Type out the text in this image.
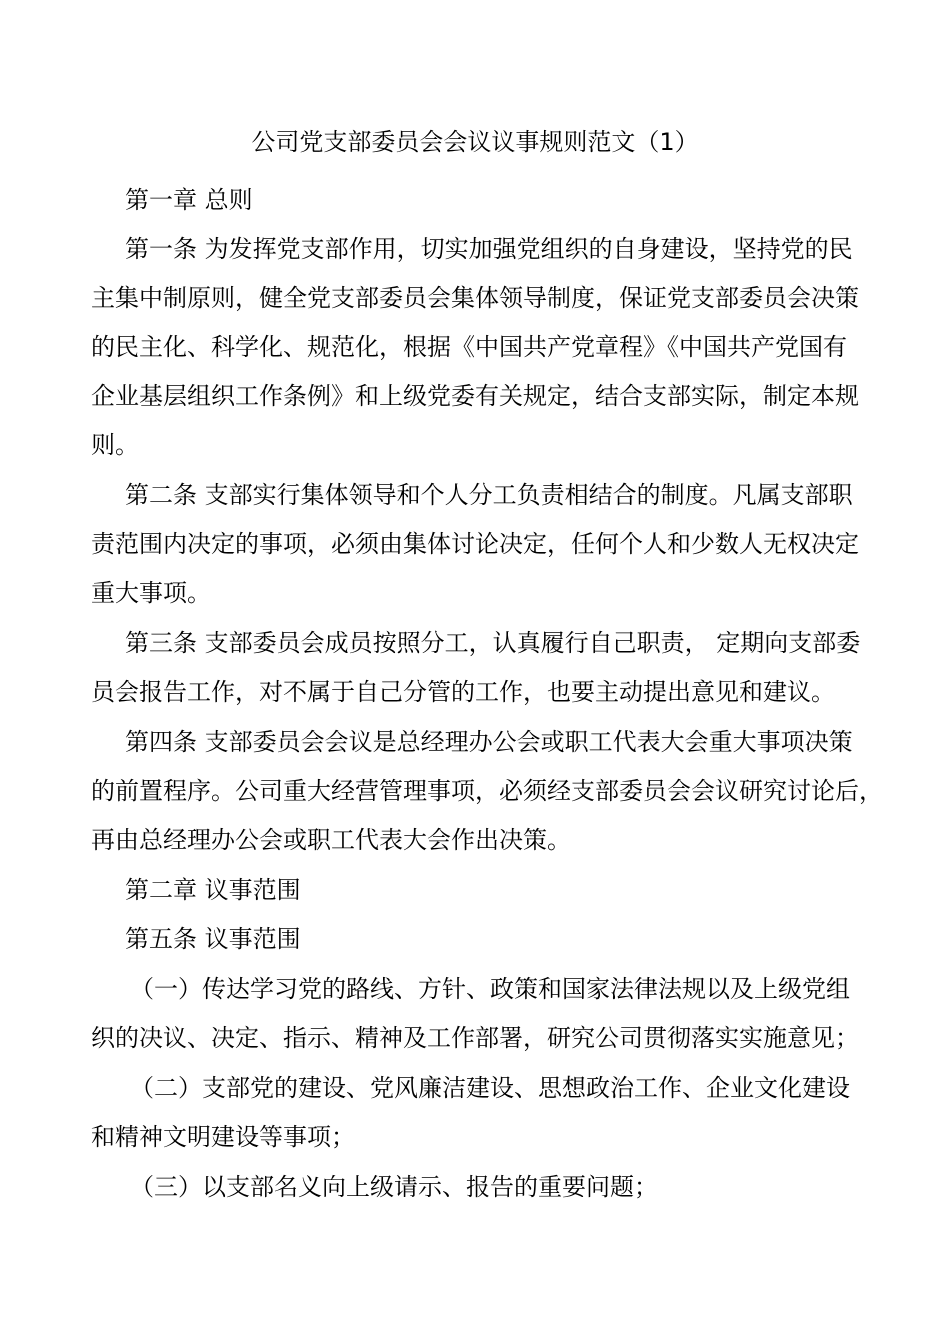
公司党支部委员会会议议事规则范文（1）
第一章 总则
第一条 为发挥党支部作用，切实加强党组织的自身建设，坚持党的民
主集中制原则，健全党支部委员会集体领导制度，保证党支部委员会决策
的民主化、科学化、规范化，根据《中国共产党章程》《中国共产党国有
企业基层组织工作条例》和上级党委有关规定，结合支部实际，制定本规
则。
第二条 支部实行集体领导和个人分工负责相结合的制度。凡属支部职
责范围内决定的事项，必须由集体讨论决定，任何个人和少数人无权决定
重大事项。
第三条 支部委员会成员按照分工，认真履行自己职责， 定期向支部委
员会报告工作，对不属于自己分管的工作，也要主动提出意见和建议。
第四条 支部委员会会议是总经理办公会或职工代表大会重大事项决策
的前置程序。公司重大经营管理事项，必须经支部委员会会议研究讨论后，
再由总经理办公会或职工代表大会作出决策。
第二章 议事范围
第五条 议事范围
（一）传达学习党的路线、方针、政策和国家法律法规以及上级党组
织的决议、决定、指示、精神及工作部署，研究公司贯彻落实实施意见；
（二）支部党的建设、党风廉洁建设、思想政治工作、企业文化建设
和精神文明建设等事项；
（三）以支部名义向上级请示、报告的重要问题；
